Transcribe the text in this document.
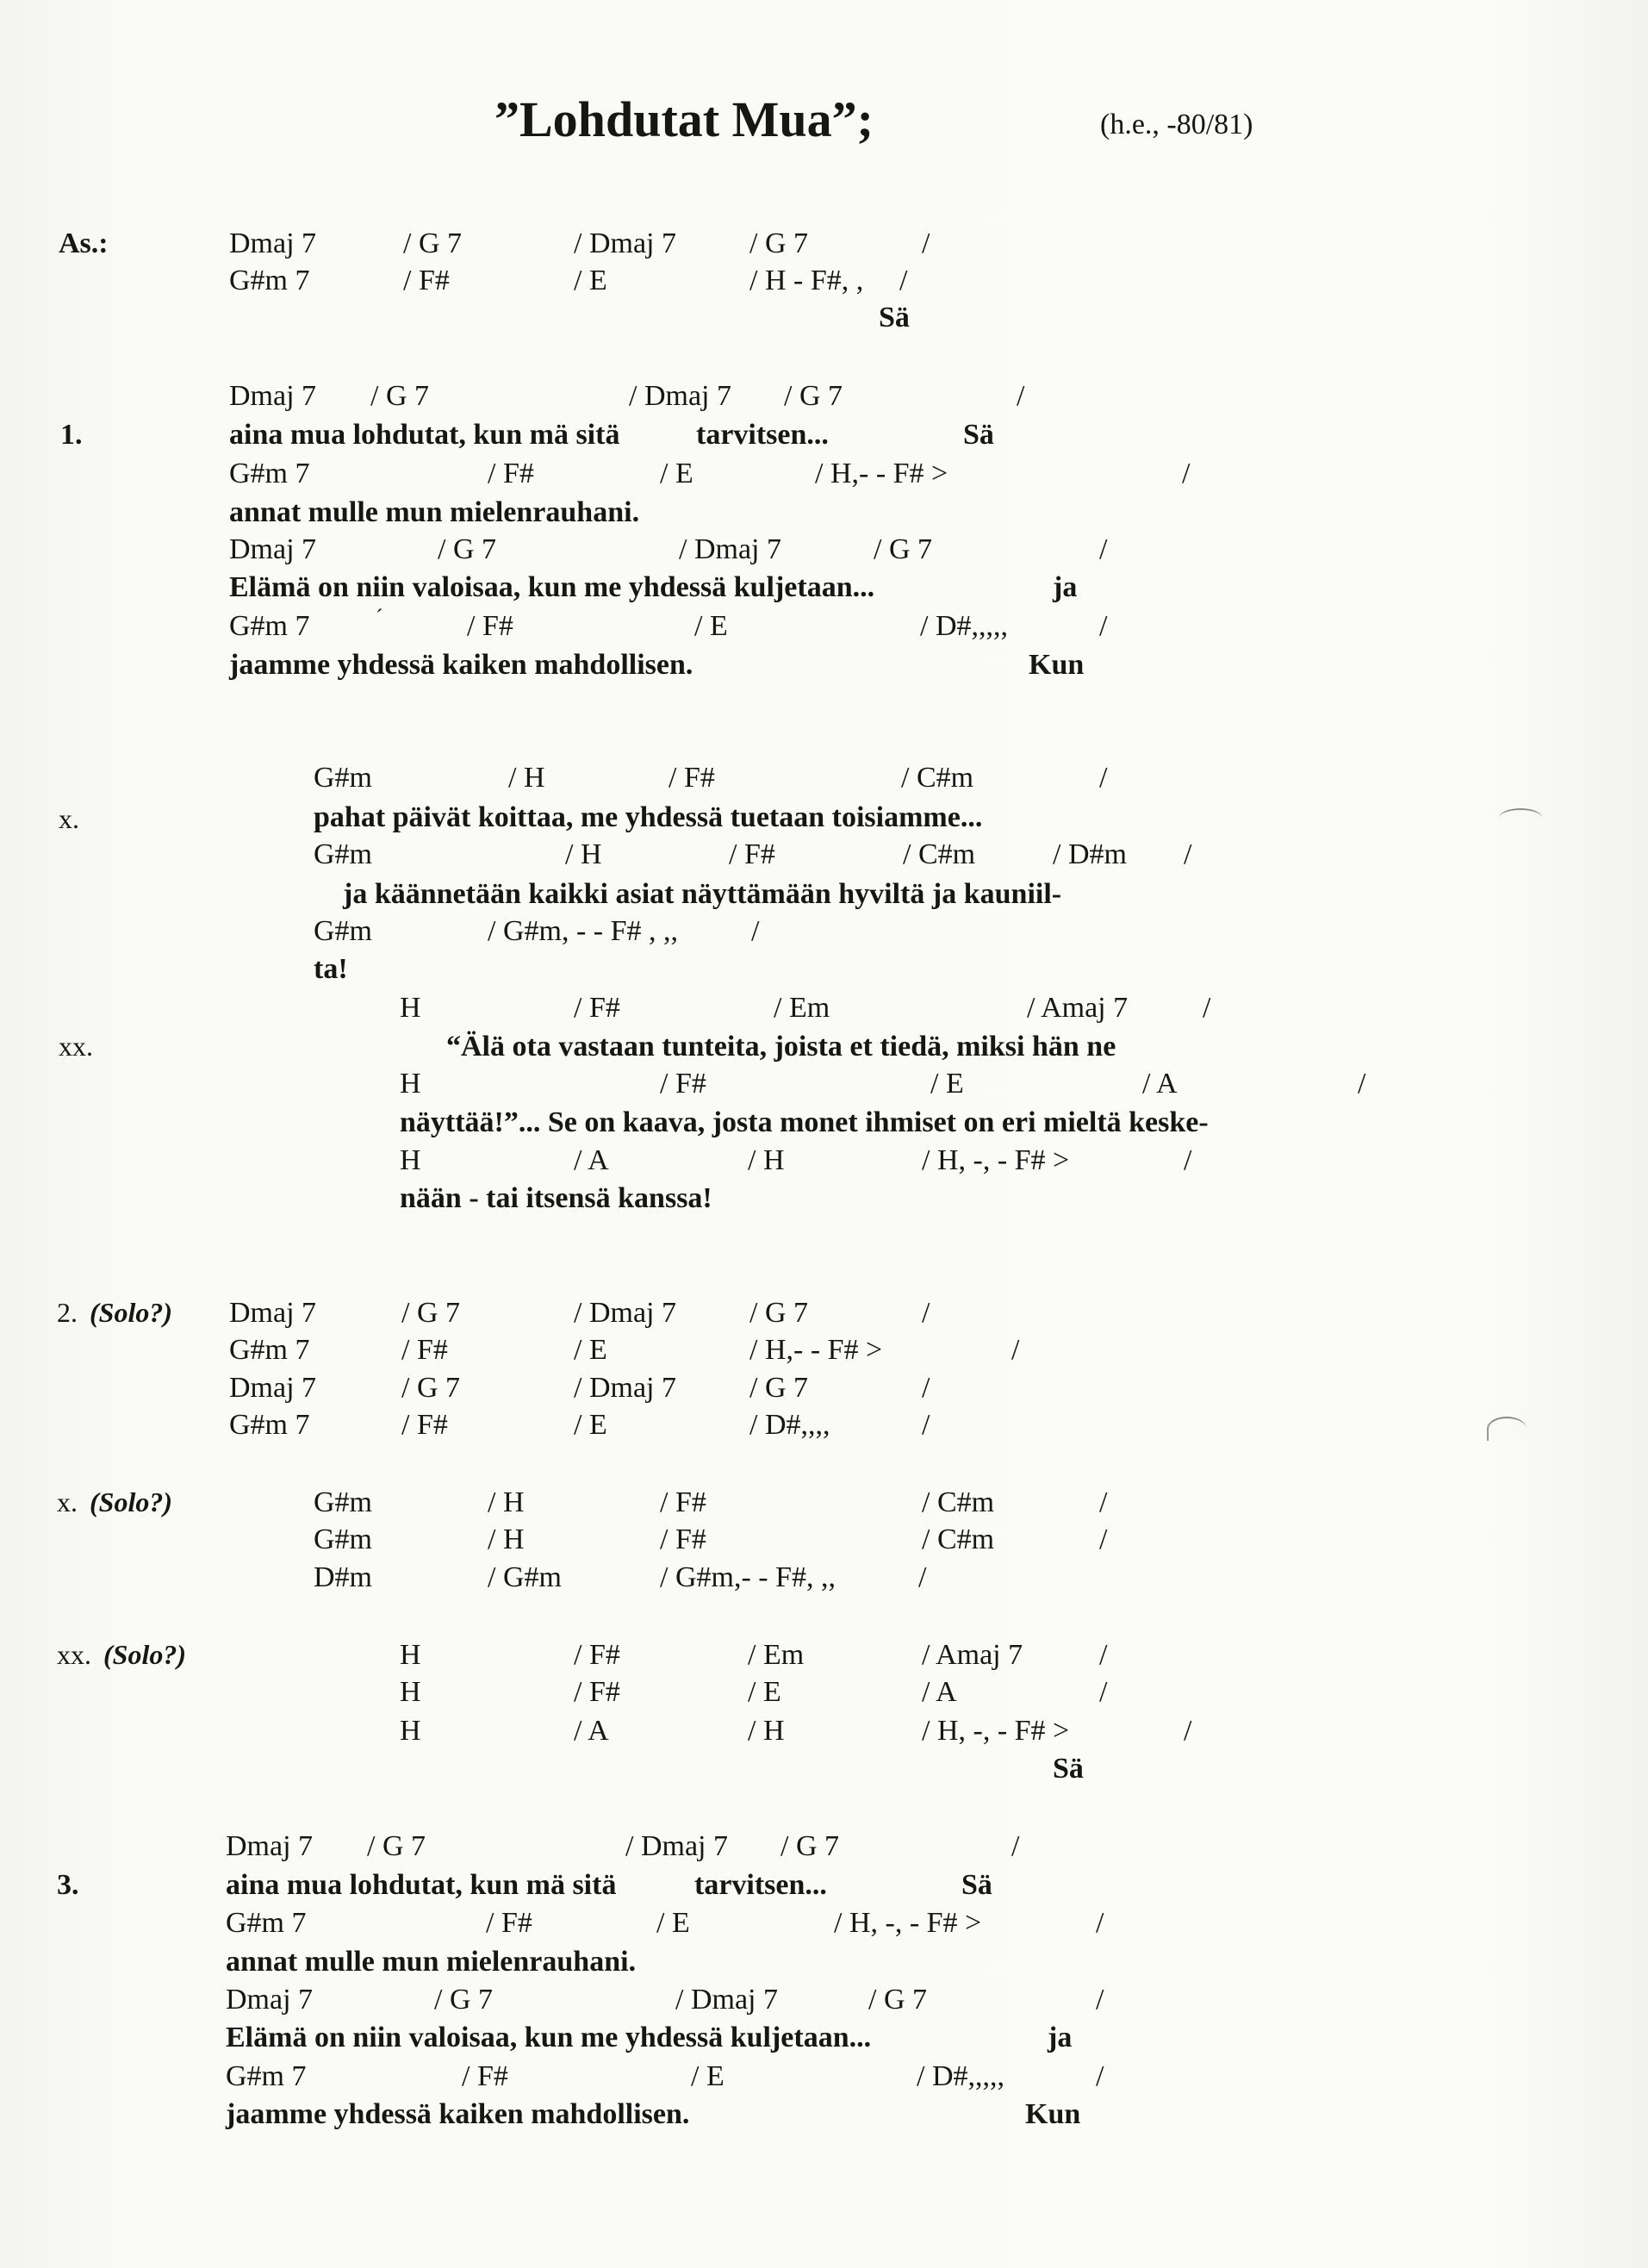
”Lohdutat Mua”;	(h.e., -80/81)
As.:	Dmaj 7	/ G 7	/ Dmaj 7	/ G 7	/
G#m 7	/ F#	/ E	/ H - F#, , /
Sä
1.
Dmaj 7 / G 7	/ Dmaj 7 / G 7	/
aina mua lohdutat, kun mä sitä	tarvitsen...	Sä
G#m 7	/ F#	/ E	/ H,- - F# >	/
annat mulle mun mielenrauhani.
Dmaj 7	/ G 7	/ Dmaj 7	/ G 7	/
Elämä on niin valoisaa, kun me yhdessä kuljetaan...	ja
G#m 7	´	/ F#	/ E	/ D#,,,,,	/
jaamme yhdessä kaiken mahdollisen.	Kun
x.
G#m	/ H	/ F#	/ C#m	/
pahat päivät koittaa, me yhdessä tuetaan toisiamme...
G#m	/ H	/ F#	/ C#m	/ D#m /
ja käännetään kaikki asiat näyttämään hyviltä ja kauniil-
G#m	/ G#m, - - F# , ,,	/
ta!
xx.
H	/ F#	/ Em	/ Amaj 7	/
“Älä ota vastaan tunteita, joista et tiedä, miksi hän ne
H	/ F#	/ E	/ A	/
näyttää!”... Se on kaava, josta monet ihmiset on eri mieltä keske-
H	/ A	/ H	/ H, -, - F# >	/
nään - tai itsensä kanssa!
2. (Solo?) Dmaj 7	/ G 7	/ Dmaj 7	/ G 7	/
G#m 7	/ F#	/ E	/ H,- - F# >	/
Dmaj 7	/ G 7	/ Dmaj 7	/ G 7	/
G#m 7	/ F#	/ E	/ D#,,,,	/
x. (Solo?)	G#m	/ H	/ F#	/ C#m	/
G#m	/ H	/ F#	/ C#m	/
D#m	/ G#m	/ G#m,- - F#, ,,	/
xx. (Solo?)	H	/ F#	/ Em	/ Amaj 7	/
H	/ F#	/ E	/ A	/
H	/ A	/ H	/ H, -, - F# >	/
Sä
3.
Dmaj 7 / G 7	/ Dmaj 7 / G 7	/
aina mua lohdutat, kun mä sitä	tarvitsen...	Sä
G#m 7	/ F#	/ E	/ H, -, - F# >	/
annat mulle mun mielenrauhani.
Dmaj 7	/ G 7	/ Dmaj 7	/ G 7	/
Elämä on niin valoisaa, kun me yhdessä kuljetaan...	ja
G#m 7	/ F#	/ E	/ D#,,,,,	/
jaamme yhdessä kaiken mahdollisen.	Kun
